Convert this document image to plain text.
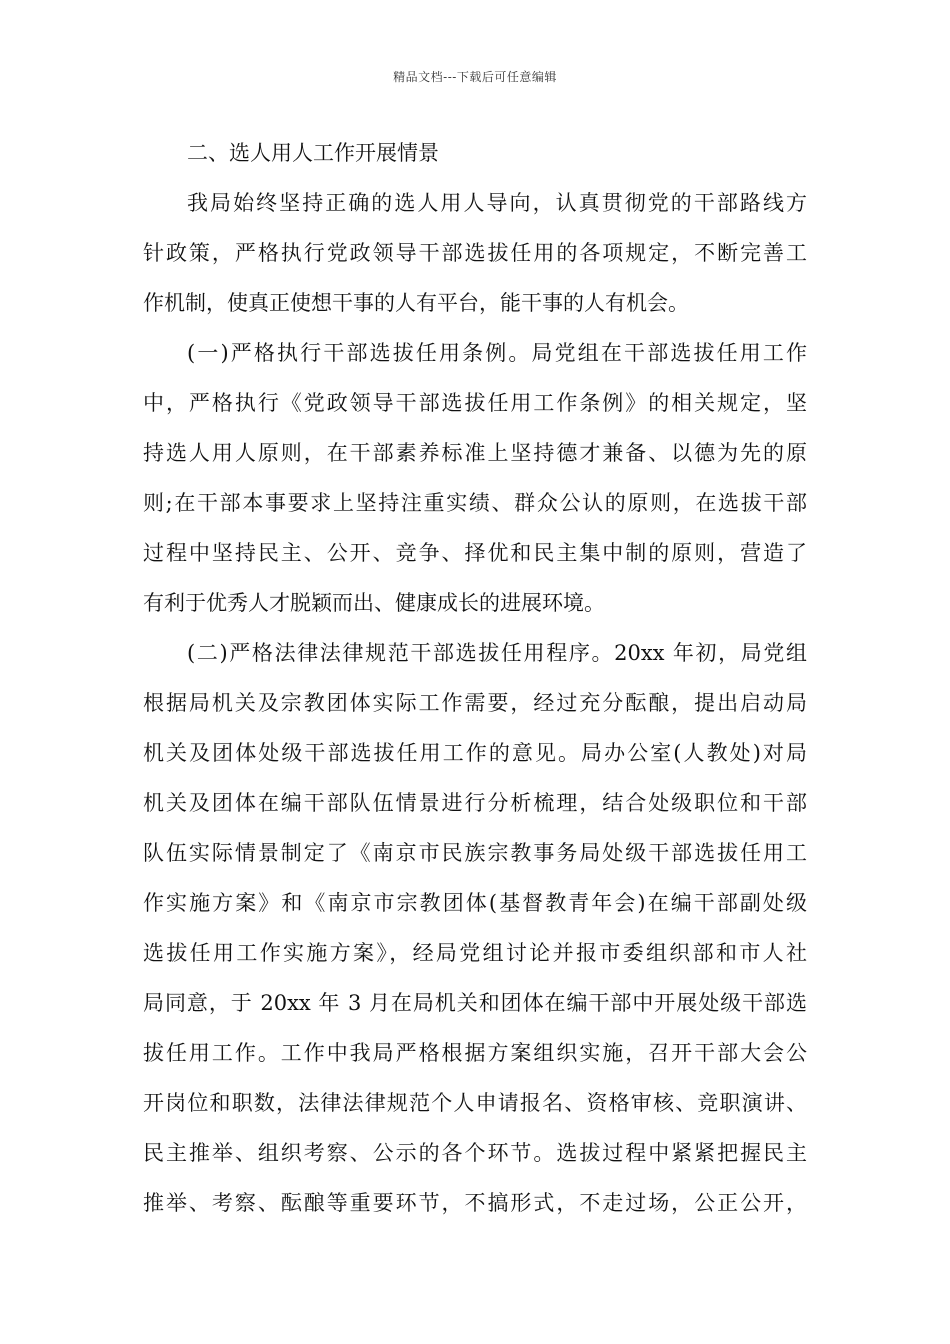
精品文档---下载后可任意编辑
二、选人用人工作开展情景
我局始终坚持正确的选人用人导向，认真贯彻党的干部路线方
针政策，严格执行党政领导干部选拔任用的各项规定，不断完善工
作机制，使真正使想干事的人有平台，能干事的人有机会。
(一)严格执行干部选拔任用条例。局党组在干部选拔任用工作
中，严格执行《党政领导干部选拔任用工作条例》的相关规定，坚
持选人用人原则，在干部素养标准上坚持德才兼备、以德为先的原
则;在干部本事要求上坚持注重实绩、群众公认的原则，在选拔干部
过程中坚持民主、公开、竞争、择优和民主集中制的原则，营造了
有利于优秀人才脱颖而出、健康成长的进展环境。
(二)严格法律法律规范干部选拔任用程序。20xx 年初，局党组
根据局机关及宗教团体实际工作需要，经过充分酝酿，提出启动局
机关及团体处级干部选拔任用工作的意见。局办公室(人教处)对局
机关及团体在编干部队伍情景进行分析梳理，结合处级职位和干部
队伍实际情景制定了《南京市民族宗教事务局处级干部选拔任用工
作实施方案》和《南京市宗教团体(基督教青年会)在编干部副处级
选拔任用工作实施方案》，经局党组讨论并报市委组织部和市人社
局同意，于 20xx 年 3 月在局机关和团体在编干部中开展处级干部选
拔任用工作。工作中我局严格根据方案组织实施，召开干部大会公
开岗位和职数，法律法律规范个人申请报名、资格审核、竞职演讲、
民主推举、组织考察、公示的各个环节。选拔过程中紧紧把握民主
推举、考察、酝酿等重要环节，不搞形式，不走过场，公正公开，
